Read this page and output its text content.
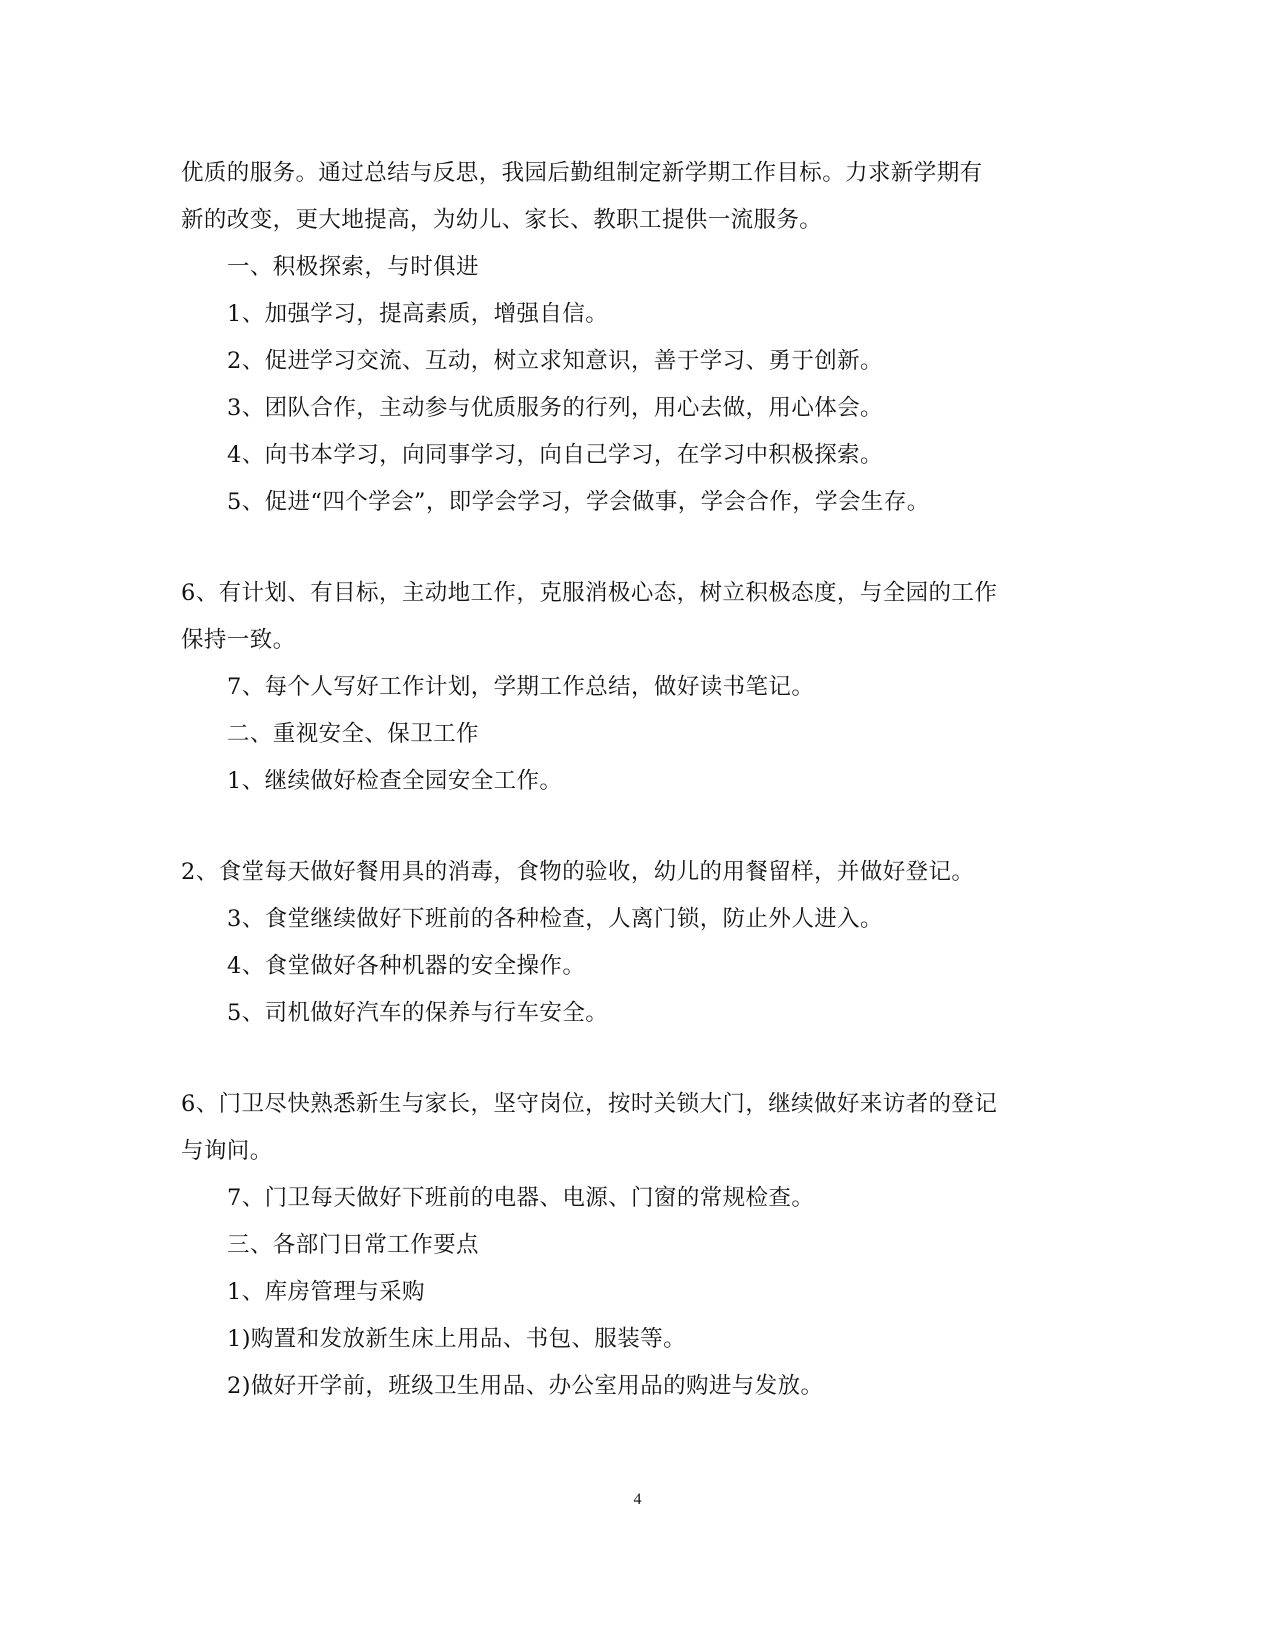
优质的服务。通过总结与反思，我园后勤组制定新学期工作目标。力求新学期有
新的改变，更大地提高，为幼儿、家长、教职工提供一流服务。
一、积极探索，与时俱进
1、加强学习，提高素质，增强自信。
2、促进学习交流、互动，树立求知意识，善于学习、勇于创新。
3、团队合作，主动参与优质服务的行列，用心去做，用心体会。
4、向书本学习，向同事学习，向自己学习，在学习中积极探索。
5、促进“四个学会”，即学会学习，学会做事，学会合作，学会生存。
6、有计划、有目标，主动地工作，克服消极心态，树立积极态度，与全园的工作
保持一致。
7、每个人写好工作计划，学期工作总结，做好读书笔记。
二、重视安全、保卫工作
1、继续做好检查全园安全工作。
2、食堂每天做好餐用具的消毒，食物的验收，幼儿的用餐留样，并做好登记。
3、食堂继续做好下班前的各种检查，人离门锁，防止外人进入。
4、食堂做好各种机器的安全操作。
5、司机做好汽车的保养与行车安全。
6、门卫尽快熟悉新生与家长，坚守岗位，按时关锁大门，继续做好来访者的登记
与询问。
7、门卫每天做好下班前的电器、电源、门窗的常规检查。
三、各部门日常工作要点
1、库房管理与采购
1)购置和发放新生床上用品、书包、服装等。
2)做好开学前，班级卫生用品、办公室用品的购进与发放。
4
